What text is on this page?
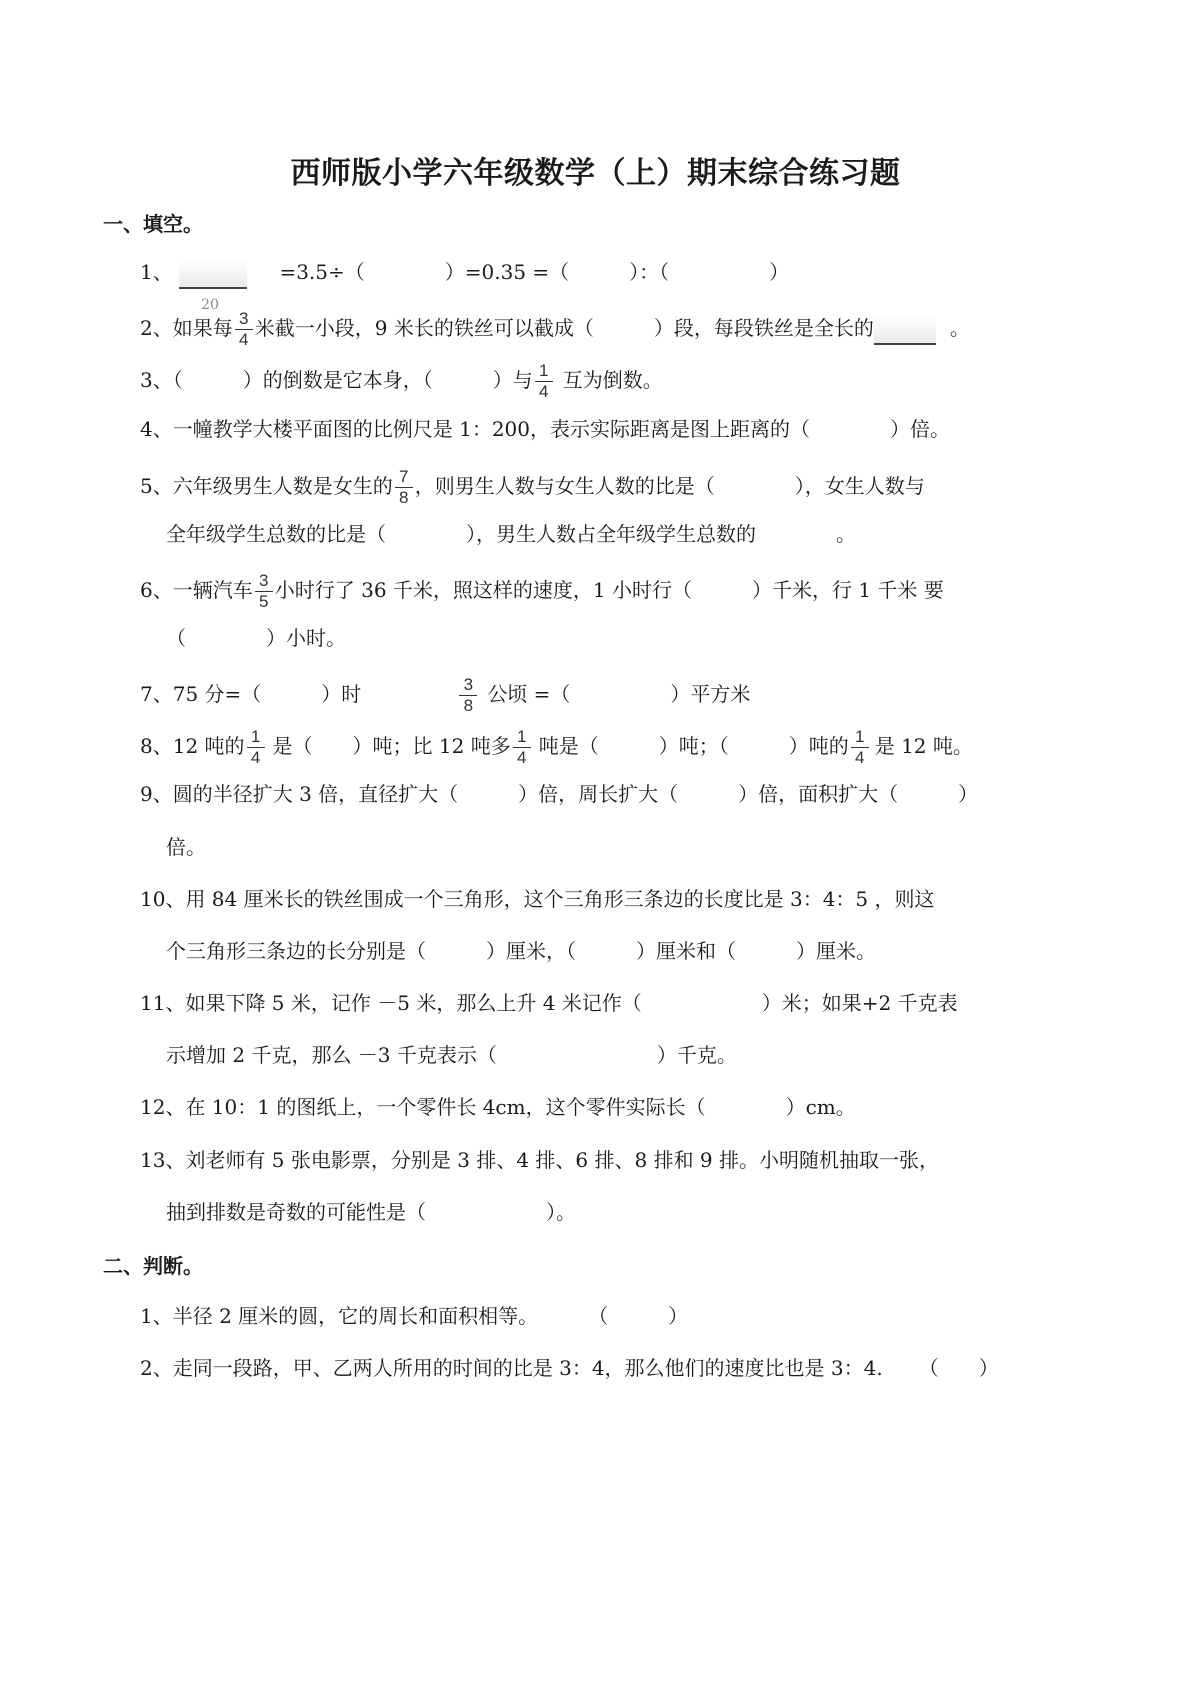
西师版小学六年级数学（上）期末综合练习题
一、填空。
1、
20
=3.5÷（　　　　）=0.35 =（　　　）：（　　　　　）
2、如果每 $\frac{3}{4}$ 米截一小段，9 米长的铁丝可以截成（　　　）段，每段铁丝是全长的	。
3、（　　　）的倒数是它本身，（　　　）与 $\frac{1}{4}$ 互为倒数。
4、一幢教学大楼平面图的比例尺是 1：200，表示实际距离是图上距离的（　　　　）倍。
5、六年级男生人数是女生的 $\frac{7}{8}$ ，则男生人数与女生人数的比是（　　　　），女生人数与
全年级学生总数的比是（　　　　），男生人数占全年级学生总数的　　　　。
6、一辆汽车 $\frac{3}{5}$ 小时行了 36 千米，照这样的速度，1 小时行（　　　）千米，行 1 千米 要
（　　　　）小时。
7、75 分=（　　　）时	$\frac{3}{8}$ 公顷 =（　　　　　）平方米
8、12 吨的 $\frac{1}{4}$ 是（　　）吨；比 12 吨多 $\frac{1}{4}$ 吨是（　　　）吨；（　　　）吨的 $\frac{1}{4}$ 是 12 吨。
9、圆的半径扩大 3 倍，直径扩大（　　　）倍，周长扩大（　　　）倍，面积扩大（　　　）
倍。
10、用 84 厘米长的铁丝围成一个三角形，这个三角形三条边的长度比是 3：4：5 ，则这
个三角形三条边的长分别是（　　　）厘米，（　　　）厘米和（　　　）厘米。
11、如果下降 5 米，记作 －5 米，那么上升 4 米记作（　　　　　　）米；如果+2 千克表
示增加 2 千克，那么 －3 千克表示（　　　　　　　　）千克。
12、在 10：1 的图纸上，一个零件长 4cm，这个零件实际长（　　　　）cm。
13、刘老师有 5 张电影票，分别是 3 排、4 排、6 排、8 排和 9 排。小明随机抽取一张，
抽到排数是奇数的可能性是（　　　　　　）。
二、判断。
1、半径 2 厘米的圆，它的周长和面积相等。	（　　　）
2、走同一段路，甲、乙两人所用的时间的比是 3：4，那么他们的速度比也是 3：4. （　　）
